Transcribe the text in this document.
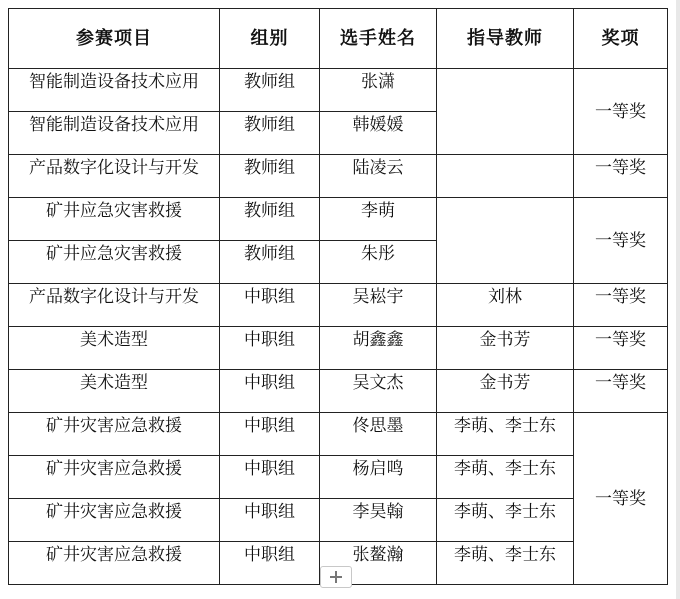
参赛项目	组别	选手姓名	指导教师	奖项
智能制造设备技术应用	教师组	张潇		一等奖
智能制造设备技术应用	教师组	韩媛媛		
产品数字化设计与开发	教师组	陆凌云		一等奖
矿井应急灾害救援	教师组	李萌		一等奖
矿井应急灾害救援	教师组	朱彤		
产品数字化设计与开发	中职组	吴崧宇	刘林	一等奖
美术造型	中职组	胡鑫鑫	金书芳	一等奖
美术造型	中职组	吴文杰	金书芳	一等奖
矿井灾害应急救援	中职组	佟思墨	李萌、李士东	一等奖
矿井灾害应急救援	中职组	杨启鸣	李萌、李士东	
矿井灾害应急救援	中职组	李昊翰	李萌、李士东	
矿井灾害应急救援	中职组	张鳌瀚	李萌、李士东	
